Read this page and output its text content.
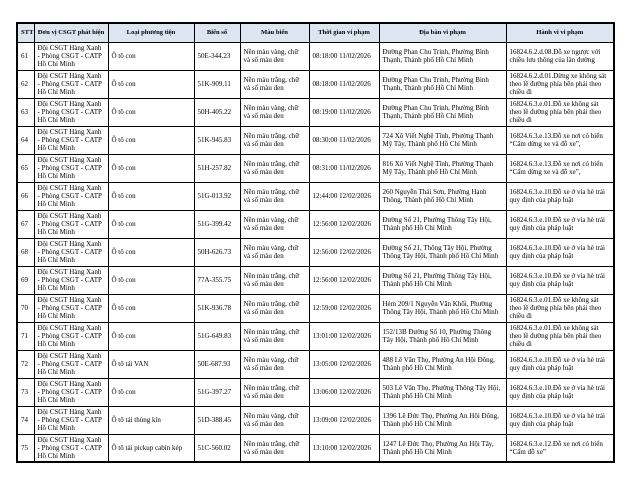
STT	Đơn vị CSGT phát hiện	Loại phương tiện	Biển số	Màu biển	Thời gian vi phạm	Địa bàn vi phạm	Hành vi vi phạm
61	Đội CSGT Hàng Xanh - Phòng CSGT - CATP Hồ Chí Minh	Ô tô con	50E-344.23	Nền màu vàng, chữ và số màu đen	08:18:00 11/02/2026	Đường Phan Chu Trinh, Phường Bình Thạnh, Thành phố Hồ Chí Minh	16824.6.2.d.08.Đỗ xe ngược với chiều lưu thông của làn đường
62	Đội CSGT Hàng Xanh - Phòng CSGT - CATP Hồ Chí Minh	Ô tô con	51K-909.11	Nền màu trắng, chữ và số màu đen	08:18:00 11/02/2026	Đường Phan Chu Trinh, Phường Bình Thạnh, Thành phố Hồ Chí Minh	16824.6.2.đ.01.Dừng xe không sát theo lề đường phía bên phải theo chiều đi
63	Đội CSGT Hàng Xanh - Phòng CSGT - CATP Hồ Chí Minh	Ô tô con	50H-405.22	Nền màu vàng, chữ và số màu đen	08:19:00 11/02/2026	Đường Phan Chu Trinh, Phường Bình Thạnh, Thành phố Hồ Chí Minh	16824.6.3.e.01.Đỗ xe không sát theo lề đường phía bên phải theo chiều đi
64	Đội CSGT Hàng Xanh - Phòng CSGT - CATP Hồ Chí Minh	Ô tô con	51K-945.83	Nền màu trắng, chữ và số màu đen	08:30:00 11/02/2026	724 Xô Viết Nghệ Tĩnh, Phường Thạnh Mỹ Tây, Thành phố Hồ Chí Minh	16824.6.3.e.13.Đỗ xe nơi có biển “Cấm dừng xe và đỗ xe”,
65	Đội CSGT Hàng Xanh - Phòng CSGT - CATP Hồ Chí Minh	Ô tô con	51H-257.82	Nền màu trắng, chữ và số màu đen	08:31:00 11/02/2026	816 Xô Viết Nghệ Tĩnh, Phường Thạnh Mỹ Tây, Thành phố Hồ Chí Minh	16824.6.3.e.13.Đỗ xe nơi có biển “Cấm dừng xe và đỗ xe”,
66	Đội CSGT Hàng Xanh - Phòng CSGT - CATP Hồ Chí Minh	Ô tô con	51G-013.92	Nền màu trắng, chữ và số màu đen	12:44:00 12/02/2026	260 Nguyễn Thái Sơn, Phường Hạnh Thông, Thành phố Hồ Chí Minh	16824.6.3.e.10.Đỗ xe ở vỉa hè trái quy định của pháp luật
67	Đội CSGT Hàng Xanh - Phòng CSGT - CATP Hồ Chí Minh	Ô tô con	51G-399.42	Nền màu vàng, chữ và số màu đen	12:56:00 12/02/2026	Đường Số 21, Phường Thông Tây Hội, Thành phố Hồ Chí Minh	16824.6.3.e.10.Đỗ xe ở vỉa hè trái quy định của pháp luật
68	Đội CSGT Hàng Xanh - Phòng CSGT - CATP Hồ Chí Minh	Ô tô con	50H-626.73	Nền màu vàng, chữ và số màu đen	12:56:00 12/02/2026	Đường Số 21, Thông Tây Hội, Phường Thông Tây Hội, Thành phố Hồ Chí Minh	16824.6.3.e.10.Đỗ xe ở vỉa hè trái quy định của pháp luật
69	Đội CSGT Hàng Xanh - Phòng CSGT - CATP Hồ Chí Minh	Ô tô con	77A-355.75	Nền màu trắng, chữ và số màu đen	12:56:00 12/02/2026	Đường Số 21, Phường Thông Tây Hội, Thành phố Hồ Chí Minh	16824.6.3.e.10.Đỗ xe ở vỉa hè trái quy định của pháp luật
70	Đội CSGT Hàng Xanh - Phòng CSGT - CATP Hồ Chí Minh	Ô tô con	51K-936.78	Nền màu trắng, chữ và số màu đen	12:59:00 12/02/2026	Hẻm 209/1 Nguyễn Văn Khối, Phường Thông Tây Hội, Thành phố Hồ Chí Minh	16824.6.3.e.01.Đỗ xe không sát theo lề đường phía bên phải theo chiều đi
71	Đội CSGT Hàng Xanh - Phòng CSGT - CATP Hồ Chí Minh	Ô tô con	51G-649.83	Nền màu trắng, chữ và số màu đen	13:01:00 12/02/2026	152/13B Đường Số 10, Phường Thông Tây Hội, Thành phố Hồ Chí Minh	16824.6.3.e.01.Đỗ xe không sát theo lề đường phía bên phải theo chiều đi
72	Đội CSGT Hàng Xanh - Phòng CSGT - CATP Hồ Chí Minh	Ô tô tải VAN	50E-687.93	Nền màu vàng, chữ và số màu đen	13:05:00 12/02/2026	488 Lê Văn Thọ, Phường An Hội Đông, Thành phố Hồ Chí Minh	16824.6.3.e.10.Đỗ xe ở vỉa hè trái quy định của pháp luật
73	Đội CSGT Hàng Xanh - Phòng CSGT - CATP Hồ Chí Minh	Ô tô con	51G-397.27	Nền màu trắng, chữ và số màu đen	13:06:00 12/02/2026	503 Lê Văn Thọ, Phường Thông Tây Hội, Thành phố Hồ Chí Minh	16824.6.3.e.10.Đỗ xe ở vỉa hè trái quy định của pháp luật
74	Đội CSGT Hàng Xanh - Phòng CSGT - CATP Hồ Chí Minh	Ô tô tải thùng kín	51D-388.45	Nền màu vàng, chữ và số màu đen	13:09:00 12/02/2026	1396 Lê Đức Thọ, Phường An Hội Đông, Thành phố Hồ Chí Minh	16824.6.3.e.10.Đỗ xe ở vỉa hè trái quy định của pháp luật
75	Đội CSGT Hàng Xanh - Phòng CSGT - CATP Hồ Chí Minh	Ô tô tải pickup cabin kép	51C-560.02	Nền màu trắng, chữ và số màu đen	13:10:00 12/02/2026	1247 Lê Đức Thọ, Phường An Hội Tây, Thành phố Hồ Chí Minh	16824.6.3.e.12.Đỗ xe nơi có biển “Cấm đỗ xe”
